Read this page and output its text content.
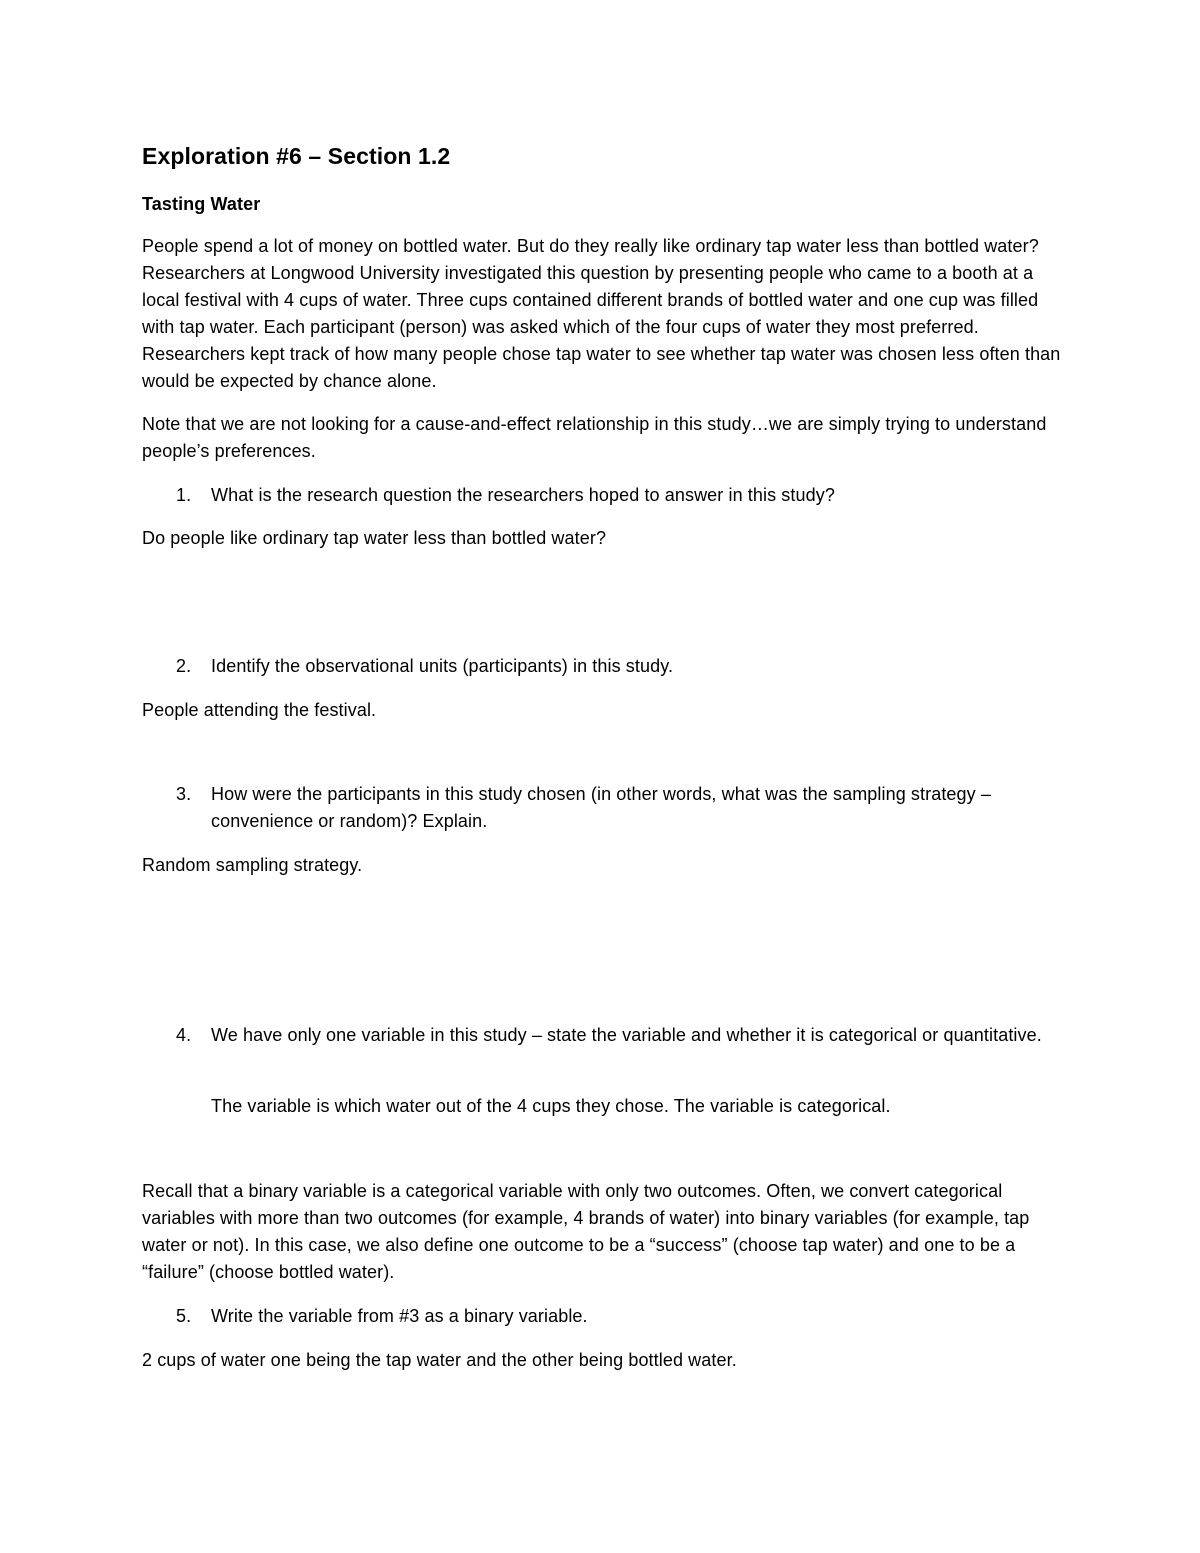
Exploration #6 – Section 1.2

Tasting Water

People spend a lot of money on bottled water. But do they really like ordinary tap water less than bottled water? Researchers at Longwood University investigated this question by presenting people who came to a booth at a local festival with 4 cups of water. Three cups contained different brands of bottled water and one cup was filled with tap water. Each participant (person) was asked which of the four cups of water they most preferred. Researchers kept track of how many people chose tap water to see whether tap water was chosen less often than would be expected by chance alone.

Note that we are not looking for a cause-and-effect relationship in this study…we are simply trying to understand people’s preferences.

1.	What is the research question the researchers hoped to answer in this study?

Do people like ordinary tap water less than bottled water?

2.	Identify the observational units (participants) in this study.

People attending the festival.

3.	How were the participants in this study chosen (in other words, what was the sampling strategy – convenience or random)? Explain.

Random sampling strategy.

4.	We have only one variable in this study – state the variable and whether it is categorical or quantitative.

The variable is which water out of the 4 cups they chose. The variable is categorical.

Recall that a binary variable is a categorical variable with only two outcomes. Often, we convert categorical variables with more than two outcomes (for example, 4 brands of water) into binary variables (for example, tap water or not). In this case, we also define one outcome to be a “success” (choose tap water) and one to be a “failure” (choose bottled water).

5.	Write the variable from #3 as a binary variable.

2 cups of water one being the tap water and the other being bottled water.
